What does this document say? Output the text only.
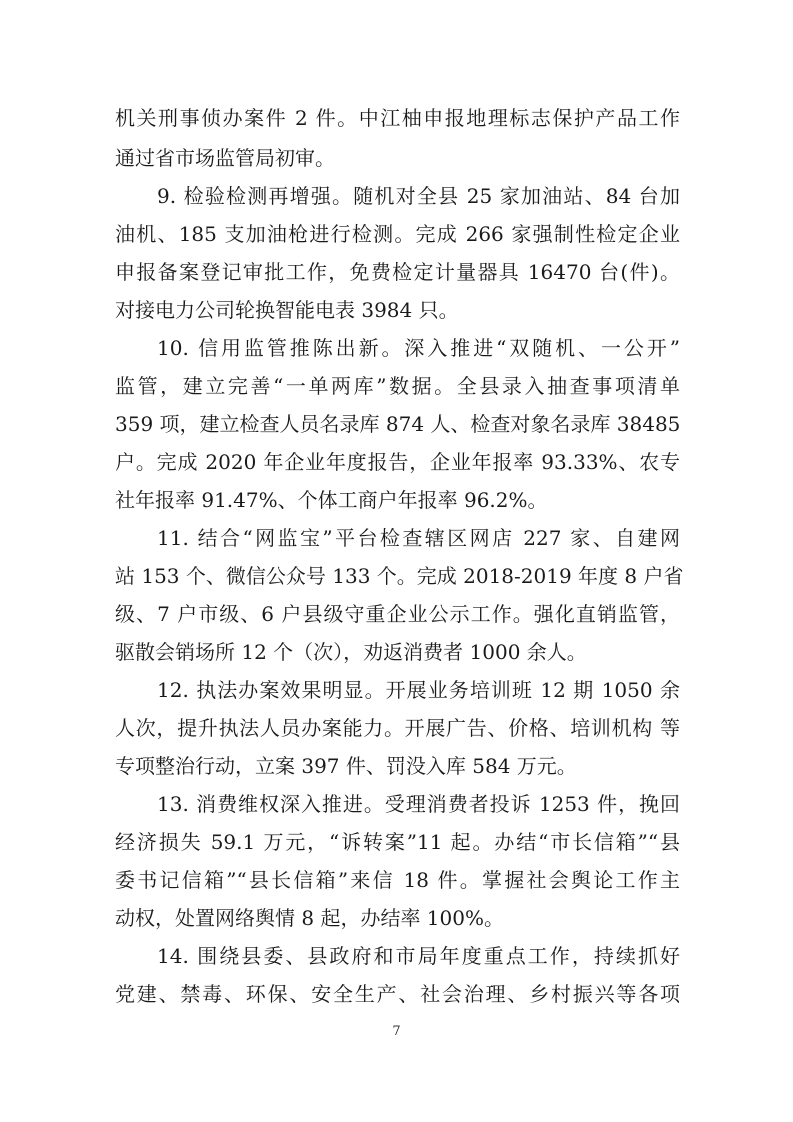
机关刑事侦办案件 2 件。中江柚申报地理标志保护产品工作
通过省市场监管局初审。
9. 检验检测再增强。随机对全县 25 家加油站、84 台加
油机、185 支加油枪进行检测。完成 266 家强制性检定企业
申报备案登记审批工作，免费检定计量器具 16470 台(件)。
对接电力公司轮换智能电表 3984 只。
10. 信用监管推陈出新。深入推进“双随机、一公开”
监管，建立完善“一单两库”数据。全县录入抽查事项清单
359 项，建立检查人员名录库 874 人、检查对象名录库 38485
户。完成 2020 年企业年度报告，企业年报率 93.33%、农专
社年报率 91.47%、个体工商户年报率 96.2%。
11. 结合“网监宝”平台检查辖区网店 227 家、自建网
站 153 个、微信公众号 133 个。完成 2018-2019 年度 8 户省
级、7 户市级、6 户县级守重企业公示工作。强化直销监管，
驱散会销场所 12 个（次），劝返消费者 1000 余人。
12. 执法办案效果明显。开展业务培训班 12 期 1050 余
人次，提升执法人员办案能力。开展广告、价格、培训机构 等
专项整治行动，立案 397 件、罚没入库 584 万元。
13. 消费维权深入推进。受理消费者投诉 1253 件，挽回
经济损失 59.1 万元，“诉转案”11 起。办结“市长信箱”“县
委书记信箱”“县长信箱”来信 18 件。掌握社会舆论工作主
动权，处置网络舆情 8 起，办结率 100%。
14. 围绕县委、县政府和市局年度重点工作，持续抓好
党建、禁毒、环保、安全生产、社会治理、乡村振兴等各项
7
